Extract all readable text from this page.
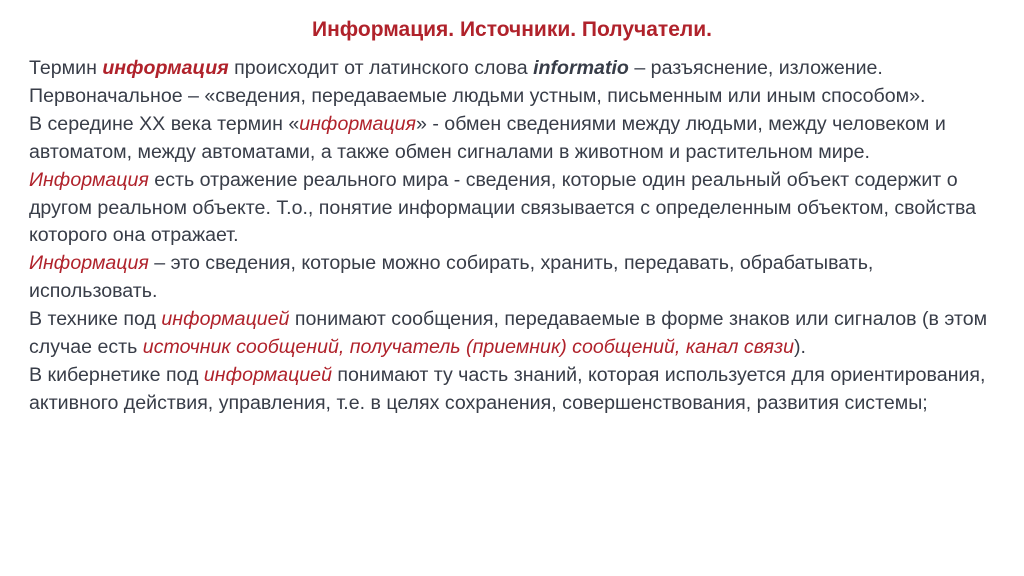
Информация. Источники. Получатели.

Термин информация происходит от латинского слова informatio – разъяснение, изложение. Первоначальное – «сведения, передаваемые людьми устным, письменным или иным способом».

В середине XX века термин «информация» - обмен сведениями между людьми, между человеком и автоматом, между автоматами, а также обмен сигналами в животном и растительном мире.

Информация есть отражение реального мира - сведения, которые один реальный объект содержит о другом реальном объекте. Т.о., понятие информации связывается с определенным объектом, свойства которого она отражает.

Информация – это сведения, которые можно собирать, хранить, передавать, обрабатывать, использовать.

В технике под информацией понимают сообщения, передаваемые в форме знаков или сигналов (в этом случае есть источник сообщений, получатель (приемник) сообщений, канал связи).

В кибернетике под информацией понимают ту часть знаний, которая используется для ориентирования, активного действия, управления, т.е. в целях сохранения, совершенствования, развития системы;
